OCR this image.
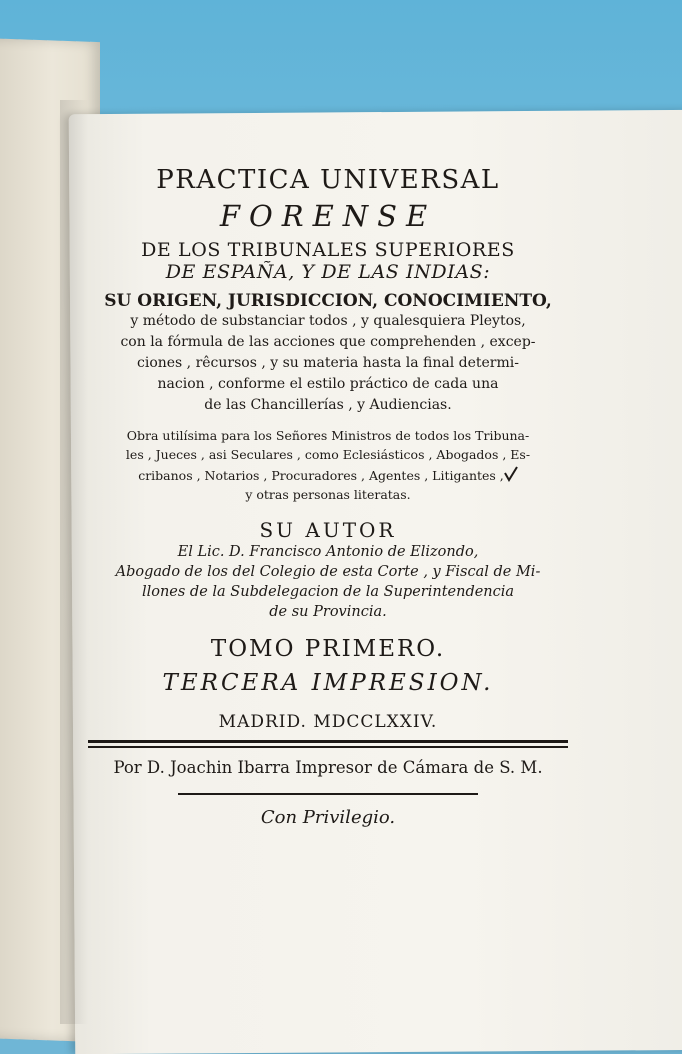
PRACTICA UNIVERSAL
FORENSE
DE LOS TRIBUNALES SUPERIORES
DE ESPAÑA, Y DE LAS INDIAS:
SU ORIGEN, JURISDICCION, CONOCIMIENTO,
y método de substanciar todos , y qualesquiera Pleytos,
con la fórmula de las acciones que comprehenden , excep-
ciones , rêcursos , y su materia hasta la final determi-
nacion , conforme el estilo práctico de cada una
de las Chancillerías , y Audiencias.
Obra utilísima para los Señores Ministros de todos los Tribuna-
les , Jueces , asi Seculares , como Eclesiásticos , Abogados , Es-
cribanos , Notarios , Procuradores , Agentes , Litigantes ,
y otras personas literatas.
SU AUTOR
El Lic. D. Francisco Antonio de Elizondo,
Abogado de los del Colegio de esta Corte , y Fiscal de Mi-
llones de la Subdelegacion de la Superintendencia
de su Provincia.
TOMO PRIMERO.
TERCERA IMPRESION.
MADRID. MDCCLXXIV.
Por D. Joachin Ibarra Impresor de Cámara de S. M.
Con Privilegio.
